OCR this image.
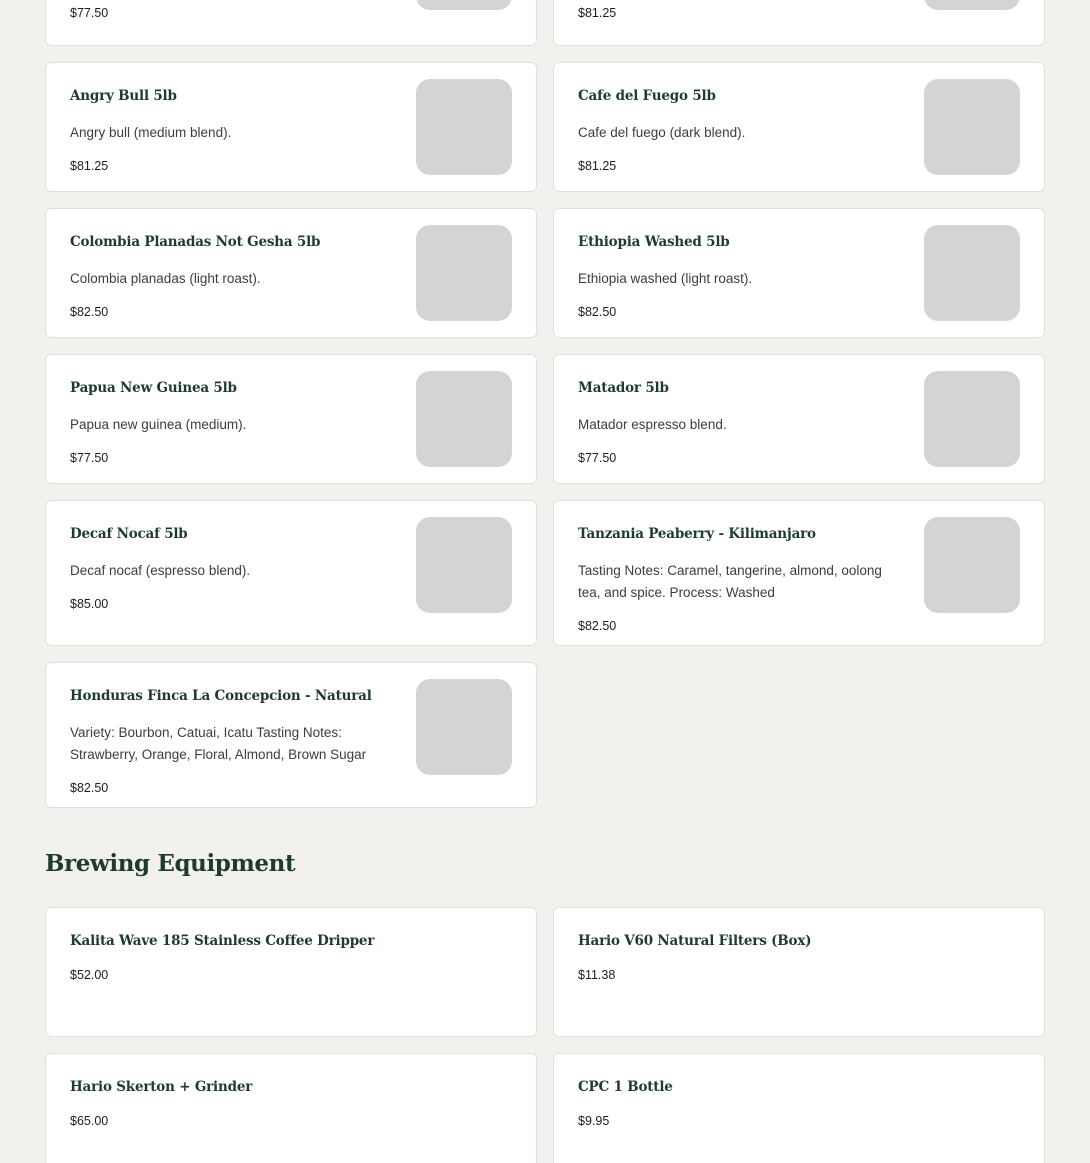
$77.50	$81.25
Angry Bull 5lb
Angry bull (medium blend).
$81.25
Cafe del Fuego 5lb
Cafe del fuego (dark blend).
$81.25
Colombia Planadas Not Gesha 5lb
Colombia planadas (light roast).
$82.50
Ethiopia Washed 5lb
Ethiopia washed (light roast).
$82.50
Papua New Guinea 5lb
Papua new guinea (medium).
$77.50
Matador 5lb
Matador espresso blend.
$77.50
Decaf Nocaf 5lb
Decaf nocaf (espresso blend).
$85.00
Tanzania Peaberry - Kilimanjaro
Tasting Notes: Caramel, tangerine, almond, oolong tea, and spice. Process: Washed
$82.50
Honduras Finca La Concepcion - Natural
Variety: Bourbon, Catuai, Icatu Tasting Notes: Strawberry, Orange, Floral, Almond, Brown Sugar
$82.50
Brewing Equipment
Kalita Wave 185 Stainless Coffee Dripper
$52.00
Hario V60 Natural Filters (Box)
$11.38
Hario Skerton + Grinder
$65.00
CPC 1 Bottle
$9.95
